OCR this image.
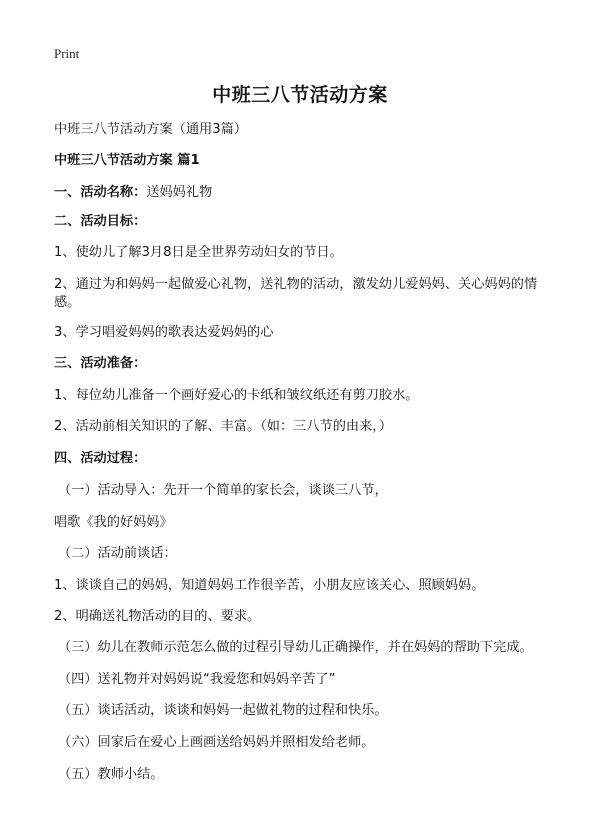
Print
中班三八节活动方案
中班三八节活动方案（通用3篇）
中班三八节活动方案 篇1
一、活动名称：送妈妈礼物
二、活动目标：
1、使幼儿了解3月8日是全世界劳动妇女的节日。
2、通过为和妈妈一起做爱心礼物，送礼物的活动，激发幼儿爱妈妈、关心妈妈的情感。
3、学习唱爱妈妈的歌表达爱妈妈的心
三、活动准备：
1、每位幼儿准备一个画好爱心的卡纸和皱纹纸还有剪刀胶水。
2、活动前相关知识的了解、丰富。（如：三八节的由来，）
四、活动过程：
（一）活动导入：先开一个简单的家长会，谈谈三八节，
唱歌《我的好妈妈》
（二）活动前谈话：
1、谈谈自己的妈妈，知道妈妈工作很辛苦，小朋友应该关心、照顾妈妈。
2、明确送礼物活动的目的、要求。
（三）幼儿在教师示范怎么做的过程引导幼儿正确操作，并在妈妈的帮助下完成。
（四）送礼物并对妈妈说“我爱您和妈妈辛苦了”
（五）谈话活动，谈谈和妈妈一起做礼物的过程和快乐。
（六）回家后在爱心上画画送给妈妈并照相发给老师。
（五）教师小结。
